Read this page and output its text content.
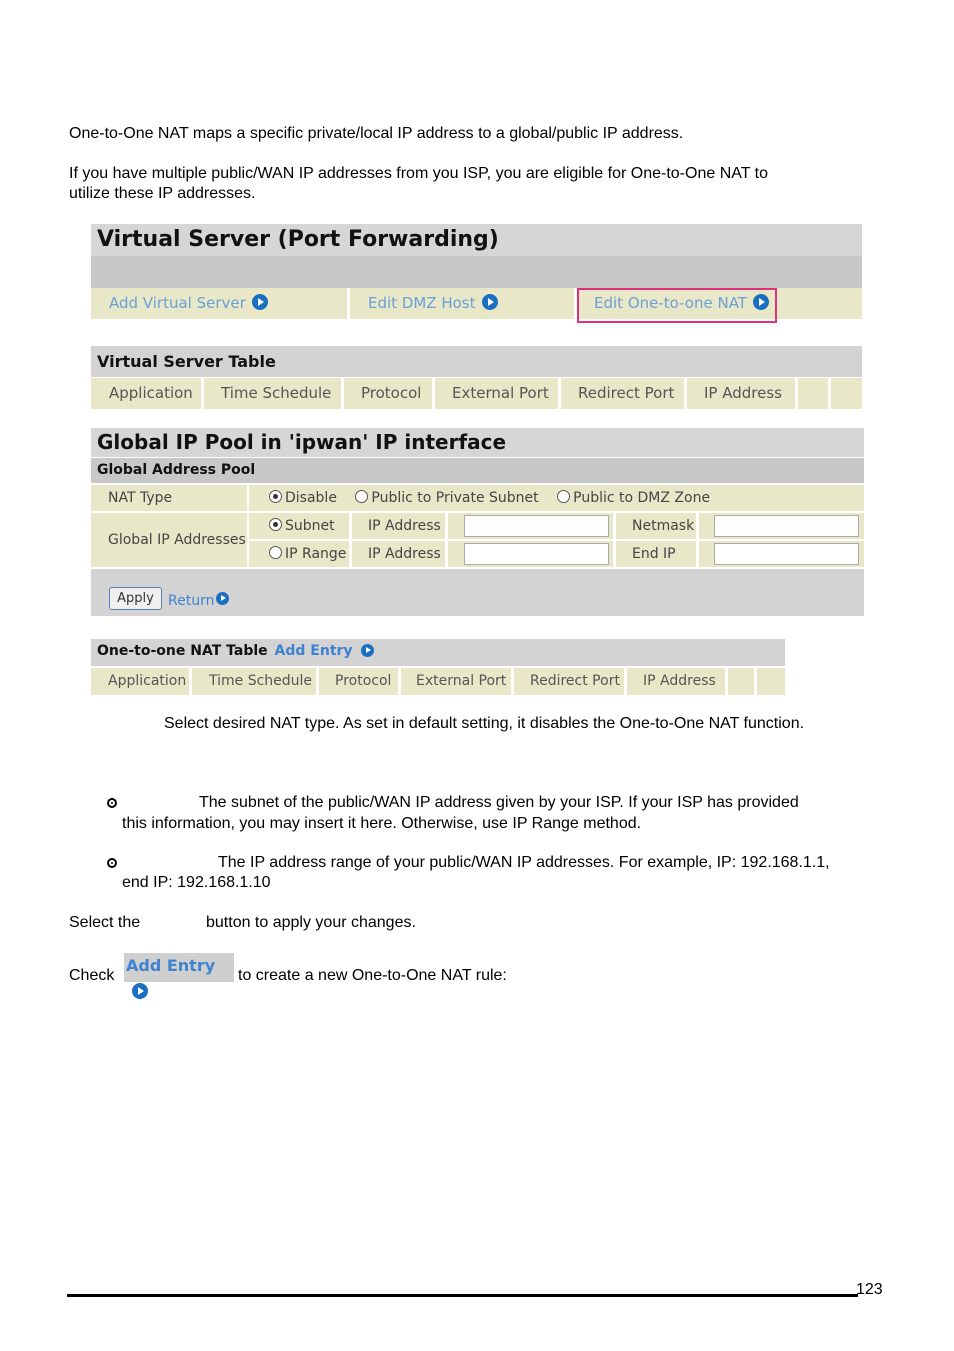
One-to-One NAT maps a specific private/local IP address to a global/public IP address.

If you have multiple public/WAN IP addresses from you ISP, you are eligible for One-to-One NAT to

utilize these IP addresses.

Virtual Server (Port Forwarding)
Add Virtual Server	Edit DMZ Host	Edit One-to-one NAT
Virtual Server Table
Application	Time Schedule	Protocol	External Port	Redirect Port	IP Address
Global IP Pool in 'ipwan' IP interface
Global Address Pool
NAT Type	Disable Public to Private Subnet Public to DMZ Zone
Global IP Addresses
Subnet	IP Address	Netmask
IP Range	IP Address	End IP
Apply	Return
One-to-one NAT Table Add Entry
Application	Time Schedule	Protocol	External Port	Redirect Port	IP Address

Select desired NAT type. As set in default setting, it disables the One-to-One NAT function.

The subnet of the public/WAN IP address given by your ISP. If your ISP has provided

this information, you may insert it here. Otherwise, use IP Range method.

The IP address range of your public/WAN IP addresses. For example, IP: 192.168.1.1,

end IP: 192.168.1.10

Select the	button to apply your changes.

Check

Add Entry

to create a new One-to-One NAT rule:

123
